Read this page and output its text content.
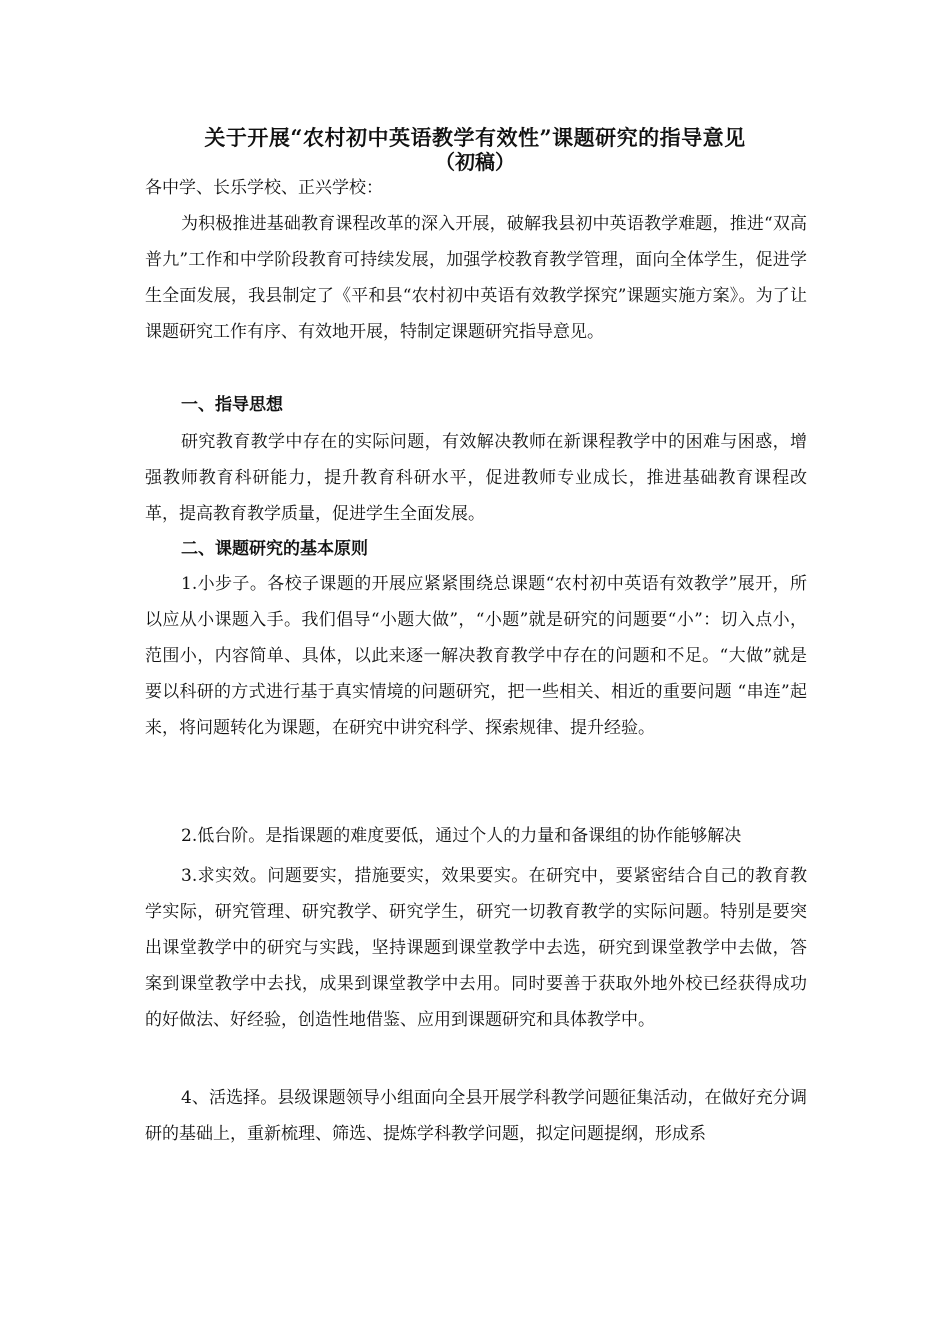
关于开展“农村初中英语教学有效性”课题研究的指导意见
（初稿）

各中学、长乐学校、正兴学校：

为积极推进基础教育课程改革的深入开展，破解我县初中英语教学难题，推进“双高普九”工作和中学阶段教育可持续发展，加强学校教育教学管理，面向全体学生，促进学生全面发展，我县制定了《平和县“农村初中英语有效教学探究”课题实施方案》。为了让课题研究工作有序、有效地开展，特制定课题研究指导意见。

一、指导思想

研究教育教学中存在的实际问题，有效解决教师在新课程教学中的困难与困惑，增强教师教育科研能力，提升教育科研水平，促进教师专业成长，推进基础教育课程改革，提高教育教学质量，促进学生全面发展。

二、课题研究的基本原则

1.小步子。各校子课题的开展应紧紧围绕总课题“农村初中英语有效教学”展开，所以应从小课题入手。我们倡导“小题大做”，“小题”就是研究的问题要“小”：切入点小，范围小，内容简单、具体，以此来逐一解决教育教学中存在的问题和不足。“大做”就是要以科研的方式进行基于真实情境的问题研究，把一些相关、相近的重要问题 “串连”起来，将问题转化为课题，在研究中讲究科学、探索规律、提升经验。

2.低台阶。是指课题的难度要低，通过个人的力量和备课组的协作能够解决

3.求实效。问题要实，措施要实，效果要实。在研究中，要紧密结合自己的教育教学实际，研究管理、研究教学、研究学生，研究一切教育教学的实际问题。特别是要突出课堂教学中的研究与实践，坚持课题到课堂教学中去选，研究到课堂教学中去做，答案到课堂教学中去找，成果到课堂教学中去用。同时要善于获取外地外校已经获得成功的好做法、好经验，创造性地借鉴、应用到课题研究和具体教学中。

4、活选择。县级课题领导小组面向全县开展学科教学问题征集活动，在做好充分调研的基础上，重新梳理、筛选、提炼学科教学问题，拟定问题提纲，形成系
